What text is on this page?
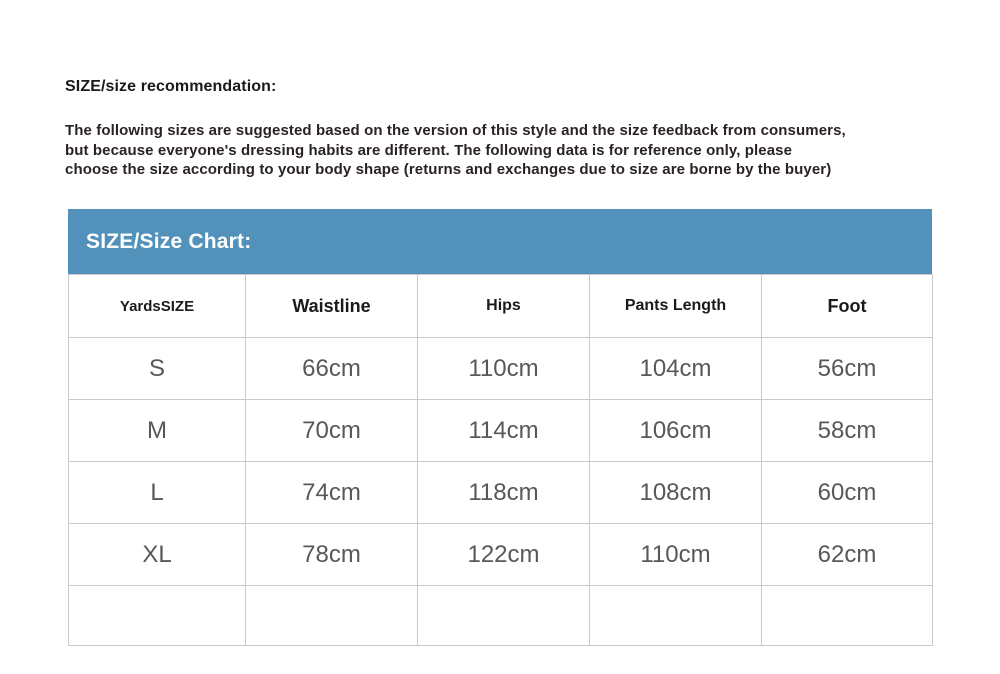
SIZE/size recommendation:
The following sizes are suggested based on the version of this style and the size feedback from consumers,
but because everyone's dressing habits are different. The following data is for reference only, please
choose the size according to your body shape (returns and exchanges due to size are borne by the buyer)
SIZE/Size Chart:
YardsSIZE	Waistline	Hips	Pants Length	Foot
S	66cm	110cm	104cm	56cm
M	70cm	114cm	106cm	58cm
L	74cm	118cm	108cm	60cm
XL	78cm	122cm	110cm	62cm
